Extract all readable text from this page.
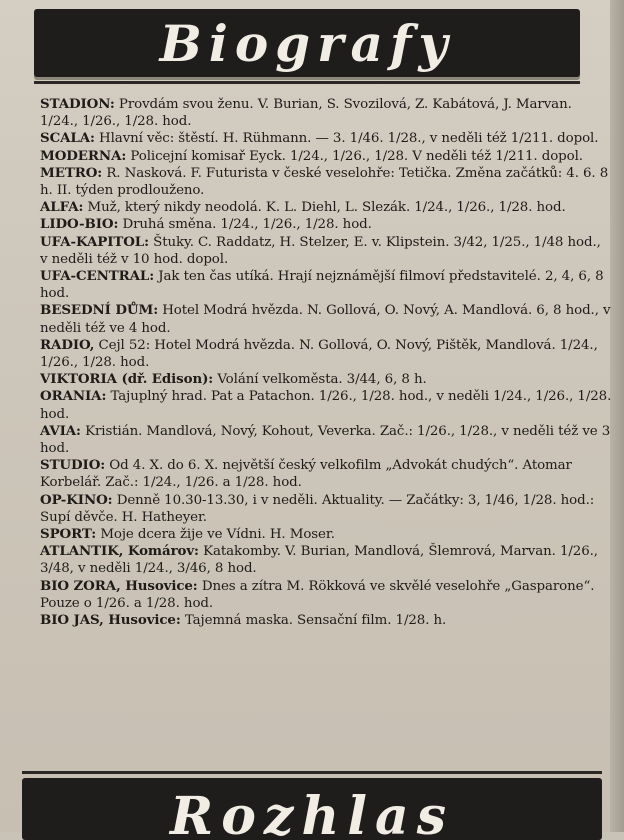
Biografy
STADION: Provdám svou ženu. V. Burian, S. Svozilová, Z. Kabátová, J. Marvan. 1/24., 1/26., 1/28. hod.
SCALA: Hlavní věc: štěstí. H. Rühmann. — 3. 1/46. 1/28., v neděli též 1/211. dopol.
MODERNA: Policejní komisař Eyck. 1/24., 1/26., 1/28. V neděli též 1/211. dopol.
METRO: R. Nasková. F. Futurista v české veselohře: Tetička. Změna začátků: 4. 6. 8 h. II. týden prodlouženo.
ALFA: Muž, který nikdy neodolá. K. L. Diehl, L. Slezák. 1/24., 1/26., 1/28. hod.
LIDO-BIO: Druhá směna. 1/24., 1/26., 1/28. hod.
UFA-KAPITOL: Štuky. C. Raddatz, H. Stelzer, E. v. Klipstein. 3/42, 1/25., 1/48 hod., v neděli též v 10 hod. dopol.
UFA-CENTRAL: Jak ten čas utíká. Hrají nejznámější filmoví představitelé. 2, 4, 6, 8 hod.
BESEDNÍ DŮM: Hotel Modrá hvězda. N. Gollová, O. Nový, A. Mandlová. 6, 8 hod., v neděli též ve 4 hod.
RADIO, Cejl 52: Hotel Modrá hvězda. N. Gollová, O. Nový, Pištěk, Mandlová. 1/24., 1/26., 1/28. hod.
VIKTORIA (dř. Edison): Volání velkoměsta. 3/44, 6, 8 h.
ORANIA: Tajuplný hrad. Pat a Patachon. 1/26., 1/28. hod., v neděli 1/24., 1/26., 1/28. hod.
AVIA: Kristián. Mandlová, Nový, Kohout, Veverka. Zač.: 1/26., 1/28., v neděli též ve 3 hod.
STUDIO: Od 4. X. do 6. X. největší český velkofilm „Advokát chudých“. Atomar Korbelář. Zač.: 1/24., 1/26. a 1/28. hod.
OP-KINO: Denně 10.30-13.30, i v neděli. Aktuality. — Začátky: 3, 1/46, 1/28. hod.: Supí děvče. H. Hatheyer.
SPORT: Moje dcera žije ve Vídni. H. Moser.
ATLANTIK, Komárov: Katakomby. V. Burian, Mandlová, Šlemrová, Marvan. 1/26., 3/48, v neděli 1/24., 3/46, 8 hod.
BIO ZORA, Husovice: Dnes a zítra M. Rökková ve skvělé veselohře „Gasparone“. Pouze o 1/26. a 1/28. hod.
BIO JAS, Husovice: Tajemná maska. Sensační film. 1/28. h.
Rozhlas
